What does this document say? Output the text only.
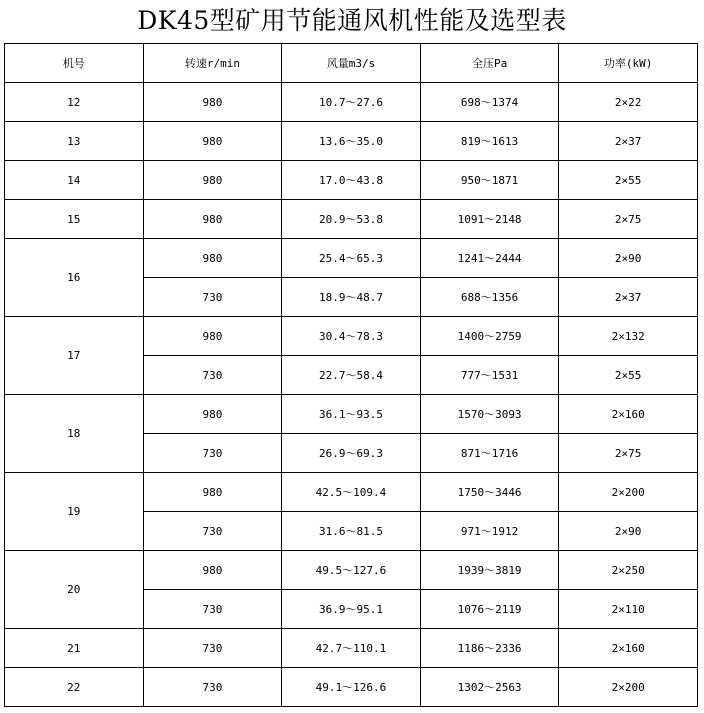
DK45型矿用节能通风机性能及选型表
机号	转速r/min	风量m3/s	全压Pa	功率(kW)
12	980	10.7～27.6	698～1374	2×22
13	980	13.6～35.0	819～1613	2×37
14	980	17.0～43.8	950～1871	2×55
15	980	20.9～53.8	1091～2148	2×75
16	980	25.4～65.3	1241～2444	2×90
	730	18.9～48.7	688～1356	2×37
17	980	30.4～78.3	1400～2759	2×132
	730	22.7～58.4	777～1531	2×55
18	980	36.1～93.5	1570～3093	2×160
	730	26.9～69.3	871～1716	2×75
19	980	42.5～109.4	1750～3446	2×200
	730	31.6～81.5	971～1912	2×90
20	980	49.5～127.6	1939～3819	2×250
	730	36.9～95.1	1076～2119	2×110
21	730	42.7～110.1	1186～2336	2×160
22	730	49.1～126.6	1302～2563	2×200
